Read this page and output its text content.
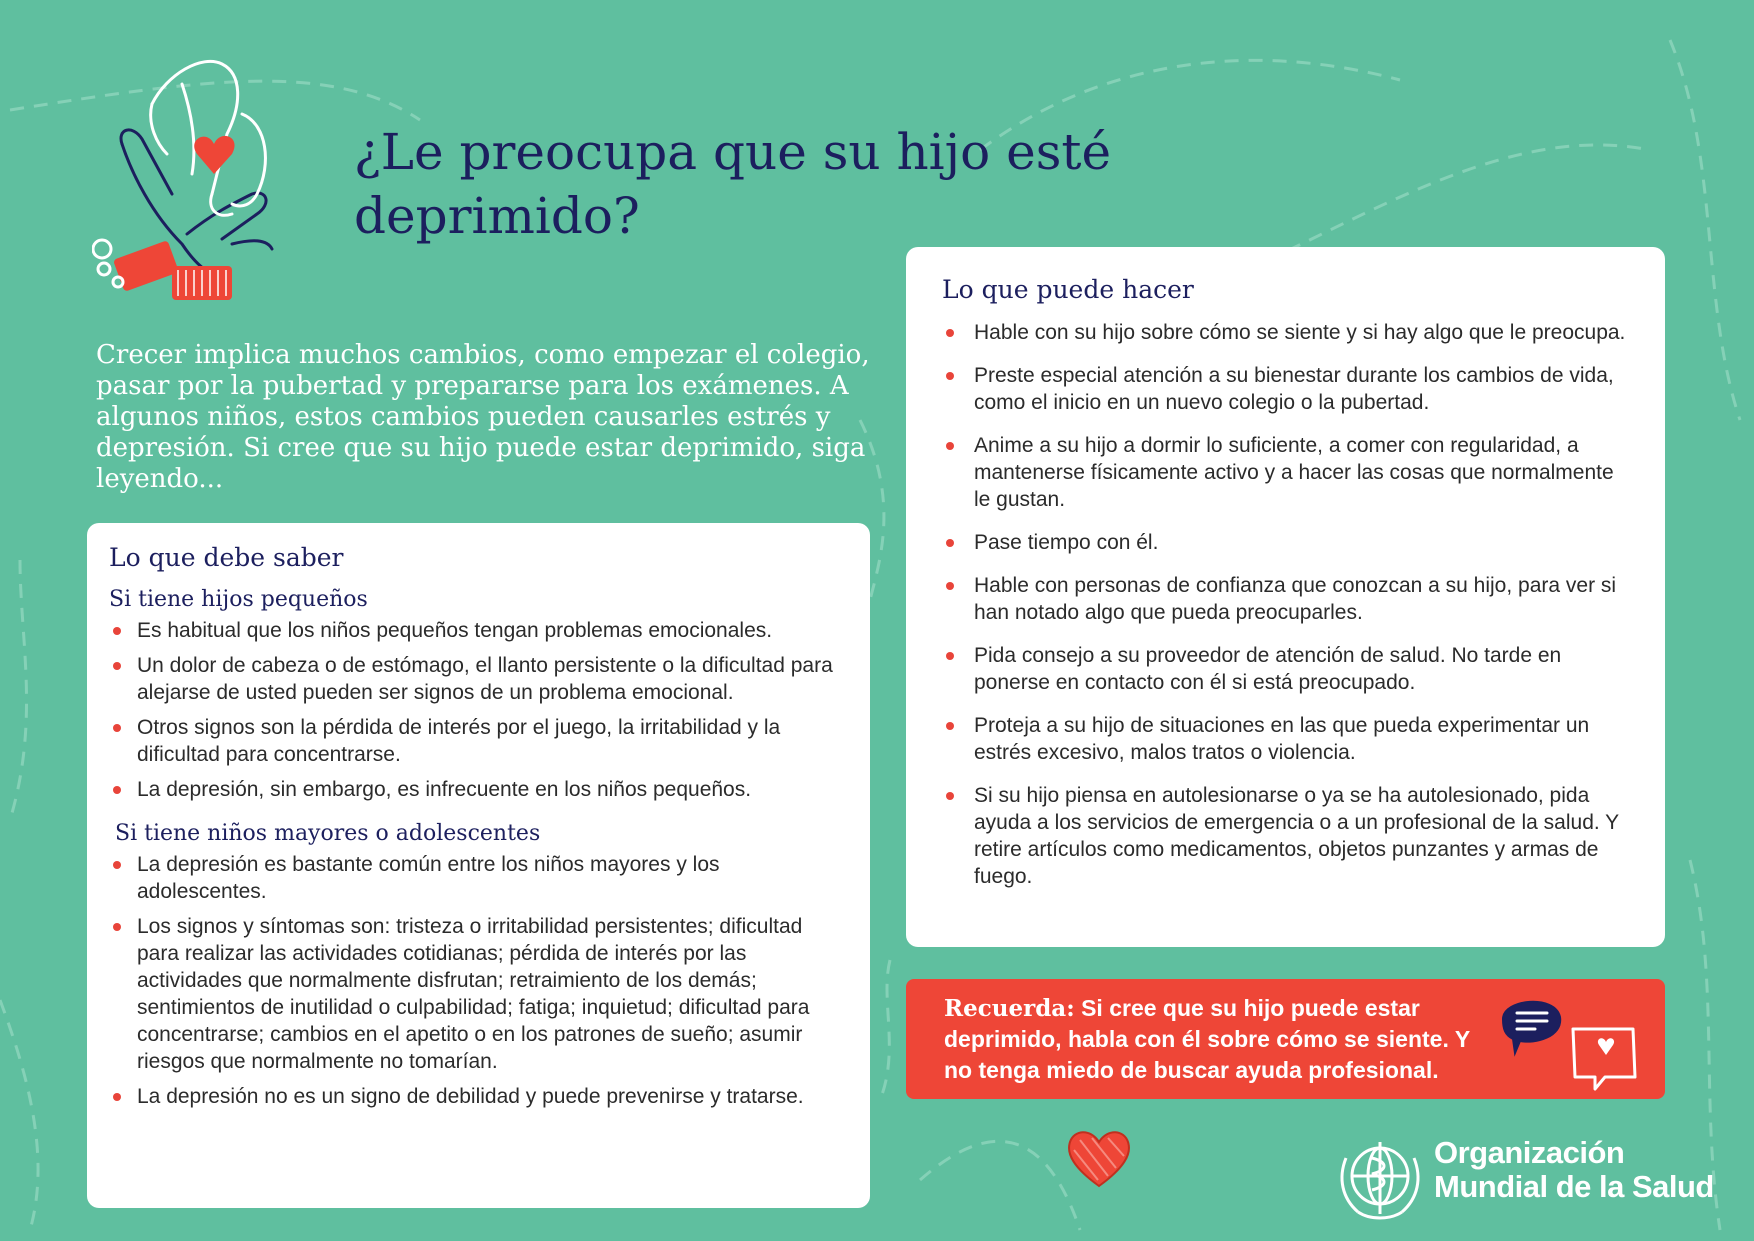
¿Le preocupa que su hijo esté deprimido?

Crecer implica muchos cambios, como empezar el colegio, pasar por la pubertad y prepararse para los exámenes. A algunos niños, estos cambios pueden causarles estrés y depresión. Si cree que su hijo puede estar deprimido, siga leyendo...

Lo que debe saber
Si tiene hijos pequeños
Es habitual que los niños pequeños tengan problemas emocionales.
Un dolor de cabeza o de estómago, el llanto persistente o la dificultad para alejarse de usted pueden ser signos de un problema emocional.
Otros signos son la pérdida de interés por el juego, la irritabilidad y la dificultad para concentrarse.
La depresión, sin embargo, es infrecuente en los niños pequeños.
Si tiene niños mayores o adolescentes
La depresión es bastante común entre los niños mayores y los adolescentes.
Los signos y síntomas son: tristeza o irritabilidad persistentes; dificultad para realizar las actividades cotidianas; pérdida de interés por las actividades que normalmente disfrutan; retraimiento de los demás; sentimientos de inutilidad o culpabilidad; fatiga; inquietud; dificultad para concentrarse; cambios en el apetito o en los patrones de sueño; asumir riesgos que normalmente no tomarían.
La depresión no es un signo de debilidad y puede prevenirse y tratarse.
Lo que puede hacer
Hable con su hijo sobre cómo se siente y si hay algo que le preocupa.
Preste especial atención a su bienestar durante los cambios de vida, como el inicio en un nuevo colegio o la pubertad.
Anime a su hijo a dormir lo suficiente, a comer con regularidad, a mantenerse físicamente activo y a hacer las cosas que normalmente le gustan.
Pase tiempo con él.
Hable con personas de confianza que conozcan a su hijo, para ver si han notado algo que pueda preocuparles.
Pida consejo a su proveedor de atención de salud. No tarde en ponerse en contacto con él si está preocupado.
Proteja a su hijo de situaciones en las que pueda experimentar un estrés excesivo, malos tratos o violencia.
Si su hijo piensa en autolesionarse o ya se ha autolesionado, pida ayuda a los servicios de emergencia o a un profesional de la salud. Y retire artículos como medicamentos, objetos punzantes y armas de fuego.
Recuerda: Si cree que su hijo puede estar deprimido, habla con él sobre cómo se siente. Y no tenga miedo de buscar ayuda profesional.
Organización
Mundial de la Salud
